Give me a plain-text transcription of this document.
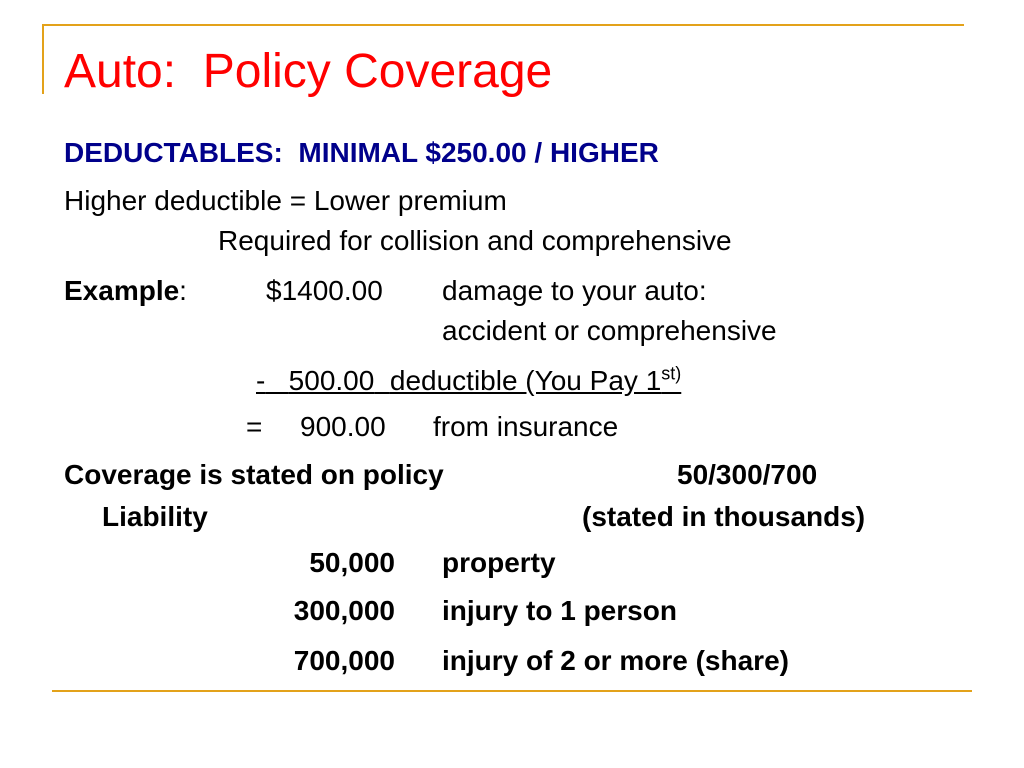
Auto:  Policy Coverage
DEDUCTABLES:  MINIMAL $250.00 / HIGHER
Higher deductible = Lower premium
Required for collision and comprehensive
Example:	$1400.00 damage to your auto:
accident or comprehensive
- 500.00 deductible (You Pay $1^{st)}$
= 900.00 from insurance
Coverage is stated on policy	50/300/700
Liability	(stated in thousands)
50,000 property
300,000 injury to 1 person
700,000 injury of 2 or more (share)
